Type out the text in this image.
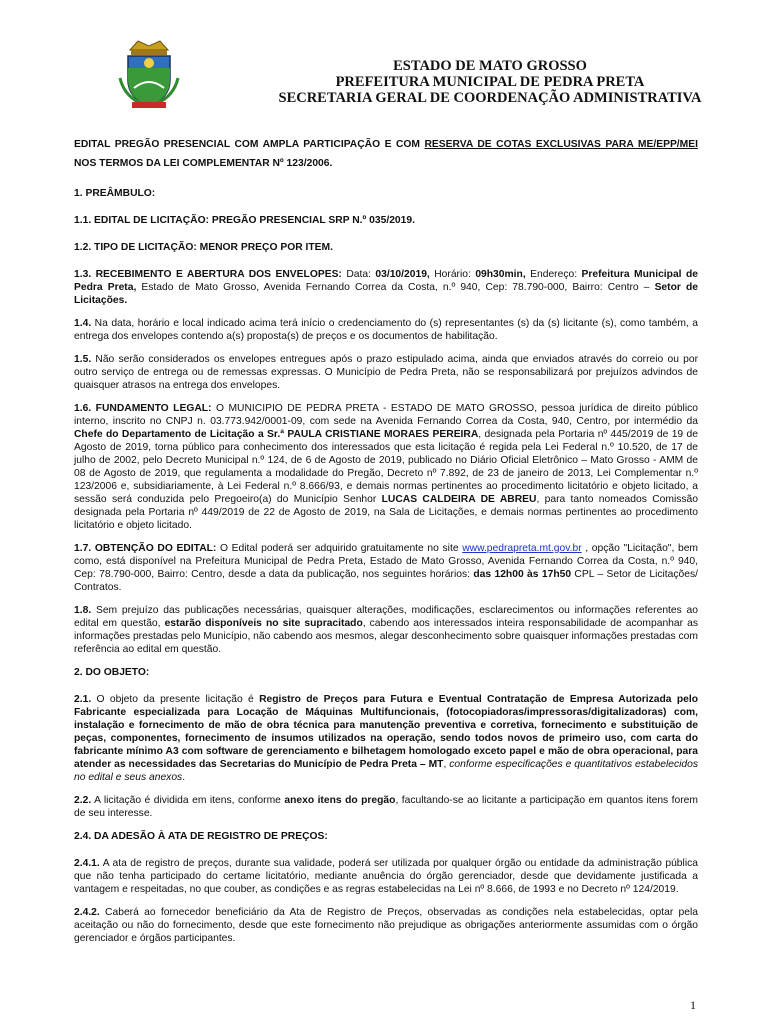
ESTADO DE MATO GROSSO
PREFEITURA MUNICIPAL DE PEDRA PRETA
SECRETARIA GERAL DE COORDENAÇÃO ADMINISTRATIVA

EDITAL PREGÃO PRESENCIAL COM AMPLA PARTICIPAÇÃO E COM RESERVA DE COTAS EXCLUSIVAS PARA ME/EPP/MEI NOS TERMOS DA LEI COMPLEMENTAR Nº 123/2006.

1. PREÂMBULO:

1.1. EDITAL DE LICITAÇÃO: PREGÃO PRESENCIAL SRP N.º 035/2019.

1.2. TIPO DE LICITAÇÃO: MENOR PREÇO POR ITEM.

1.3. RECEBIMENTO E ABERTURA DOS ENVELOPES: Data: 03/10/2019, Horário: 09h30min, Endereço: Prefeitura Municipal de Pedra Preta, Estado de Mato Grosso, Avenida Fernando Correa da Costa, n.º 940, Cep: 78.790-000, Bairro: Centro – Setor de Licitações.

1.4. Na data, horário e local indicado acima terá início o credenciamento do (s) representantes (s) da (s) licitante (s), como também, a entrega dos envelopes contendo a(s) proposta(s) de preços e os documentos de habilitação.

1.5. Não serão considerados os envelopes entregues após o prazo estipulado acima, ainda que enviados através do correio ou por outro serviço de entrega ou de remessas expressas. O Município de Pedra Preta, não se responsabilizará por prejuízos advindos de quaisquer atrasos na entrega dos envelopes.

1.6. FUNDAMENTO LEGAL: O MUNICIPIO DE PEDRA PRETA - ESTADO DE MATO GROSSO, pessoa jurídica de direito público interno, inscrito no CNPJ n. 03.773.942/0001-09, com sede na Avenida Fernando Correa da Costa, 940, Centro, por intermédio da Chefe do Departamento de Licitação a Sr.ª PAULA CRISTIANE MORAES PEREIRA, designada pela Portaria nº 445/2019 de 19 de Agosto de 2019, torna público para conhecimento dos interessados que esta licitação é regida pela Lei Federal n.º 10.520, de 17 de julho de 2002, pelo Decreto Municipal n.º 124, de 6 de Agosto de 2019, publicado no Diário Oficial Eletrônico – Mato Grosso - AMM de 08 de Agosto de 2019, que regulamenta a modalidade do Pregão, Decreto nº 7.892, de 23 de janeiro de 2013, Lei Complementar n.º 123/2006 e, subsidiariamente, à Lei Federal n.º 8.666/93, e demais normas pertinentes ao procedimento licitatório e objeto licitado, a sessão será conduzida pelo Pregoeiro(a) do Município Senhor LUCAS CALDEIRA DE ABREU, para tanto nomeados Comissão designada pela Portaria nº 449/2019 de 22 de Agosto de 2019, na Sala de Licitações, e demais normas pertinentes ao procedimento licitatório e objeto licitado.

1.7. OBTENÇÃO DO EDITAL: O Edital poderá ser adquirido gratuitamente no site www.pedrapreta.mt.gov.br , opção "Licitação", bem como, está disponível na Prefeitura Municipal de Pedra Preta, Estado de Mato Grosso, Avenida Fernando Correa da Costa, n.º 940, Cep: 78.790-000, Bairro: Centro, desde a data da publicação, nos seguintes horários: das 12h00 às 17h50 CPL – Setor de Licitações/ Contratos.

1.8. Sem prejuízo das publicações necessárias, quaisquer alterações, modificações, esclarecimentos ou informações referentes ao edital em questão, estarão disponíveis no site supracitado, cabendo aos interessados inteira responsabilidade de acompanhar as informações prestadas pelo Município, não cabendo aos mesmos, alegar desconhecimento sobre quaisquer informações prestadas com referência ao edital em questão.

2. DO OBJETO:

2.1. O objeto da presente licitação é Registro de Preços para Futura e Eventual Contratação de Empresa Autorizada pelo Fabricante especializada para Locação de Máquinas Multifuncionais, (fotocopiadoras/impressoras/digitalizadoras) com, instalação e fornecimento de mão de obra técnica para manutenção preventiva e corretiva, fornecimento e substituição de peças, componentes, fornecimento de insumos utilizados na operação, sendo todos novos de primeiro uso, com carta do fabricante mínimo A3 com software de gerenciamento e bilhetagem homologado exceto papel e mão de obra operacional, para atender as necessidades das Secretarias do Município de Pedra Preta – MT, conforme especificações e quantitativos estabelecidos no edital e seus anexos.

2.2. A licitação é dividida em itens, conforme anexo itens do pregão, facultando-se ao licitante a participação em quantos itens forem de seu interesse.

2.4. DA ADESÃO À ATA DE REGISTRO DE PREÇOS:

2.4.1. A ata de registro de preços, durante sua validade, poderá ser utilizada por qualquer órgão ou entidade da administração pública que não tenha participado do certame licitatório, mediante anuência do órgão gerenciador, desde que devidamente justificada a vantagem e respeitadas, no que couber, as condições e as regras estabelecidas na Lei nº 8.666, de 1993 e no Decreto nº 124/2019.

2.4.2. Caberá ao fornecedor beneficiário da Ata de Registro de Preços, observadas as condições nela estabelecidas, optar pela aceitação ou não do fornecimento, desde que este fornecimento não prejudique as obrigações anteriormente assumidas com o órgão gerenciador e órgãos participantes.

1
